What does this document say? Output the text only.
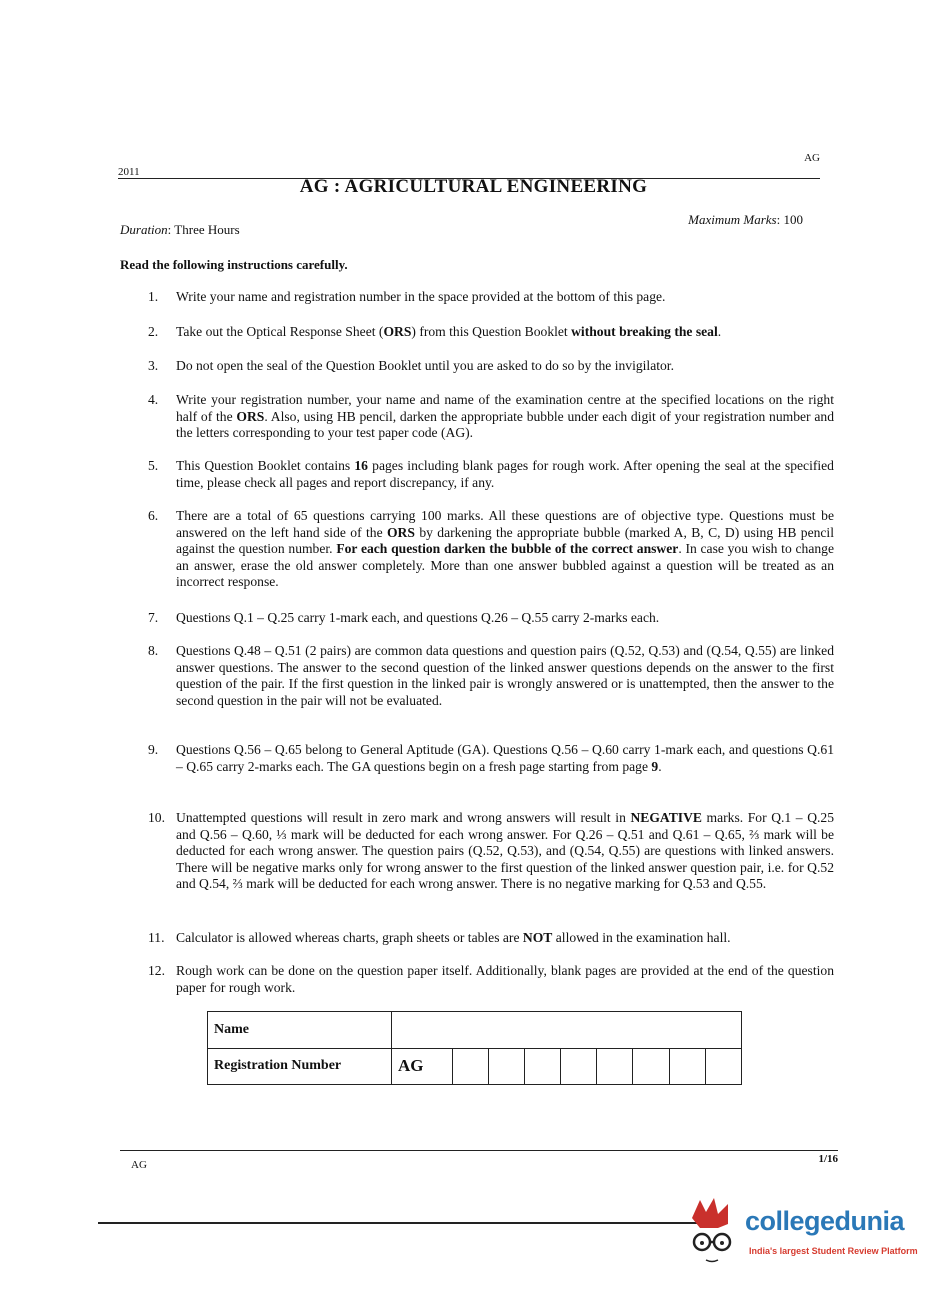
AG
2011
AG : AGRICULTURAL ENGINEERING
Duration: Three Hours
Maximum Marks: 100
Read the following instructions carefully.
1.	Write your name and registration number in the space provided at the bottom of this page.
2.	Take out the Optical Response Sheet (ORS) from this Question Booklet without breaking the seal.
3.	Do not open the seal of the Question Booklet until you are asked to do so by the invigilator.
4.	Write your registration number, your name and name of the examination centre at the specified locations on the right half of the ORS. Also, using HB pencil, darken the appropriate bubble under each digit of your registration number and the letters corresponding to your test paper code (AG).
5.	This Question Booklet contains 16 pages including blank pages for rough work. After opening the seal at the specified time, please check all pages and report discrepancy, if any.
6.	There are a total of 65 questions carrying 100 marks. All these questions are of objective type. Questions must be answered on the left hand side of the ORS by darkening the appropriate bubble (marked A, B, C, D) using HB pencil against the question number. For each question darken the bubble of the correct answer. In case you wish to change an answer, erase the old answer completely. More than one answer bubbled against a question will be treated as an incorrect response.
7.	Questions Q.1 – Q.25 carry 1-mark each, and questions Q.26 – Q.55 carry 2-marks each.
8.	Questions Q.48 – Q.51 (2 pairs) are common data questions and question pairs (Q.52, Q.53) and (Q.54, Q.55) are linked answer questions. The answer to the second question of the linked answer questions depends on the answer to the first question of the pair. If the first question in the linked pair is wrongly answered or is unattempted, then the answer to the second question in the pair will not be evaluated.
9.	Questions Q.56 – Q.65 belong to General Aptitude (GA). Questions Q.56 – Q.60 carry 1-mark each, and questions Q.61 – Q.65 carry 2-marks each. The GA questions begin on a fresh page starting from page 9.
10. Unattempted questions will result in zero mark and wrong answers will result in NEGATIVE marks. For Q.1 – Q.25 and Q.56 – Q.60, ⅓ mark will be deducted for each wrong answer. For Q.26 – Q.51 and Q.61 – Q.65, ⅔ mark will be deducted for each wrong answer. The question pairs (Q.52, Q.53), and (Q.54, Q.55) are questions with linked answers. There will be negative marks only for wrong answer to the first question of the linked answer question pair, i.e. for Q.52 and Q.54, ⅔ mark will be deducted for each wrong answer. There is no negative marking for Q.53 and Q.55.
11. Calculator is allowed whereas charts, graph sheets or tables are NOT allowed in the examination hall.
12. Rough work can be done on the question paper itself. Additionally, blank pages are provided at the end of the question paper for rough work.
Name									
Registration Number	AG								
AG	1/16
collegedunia
India's largest Student Review Platform
